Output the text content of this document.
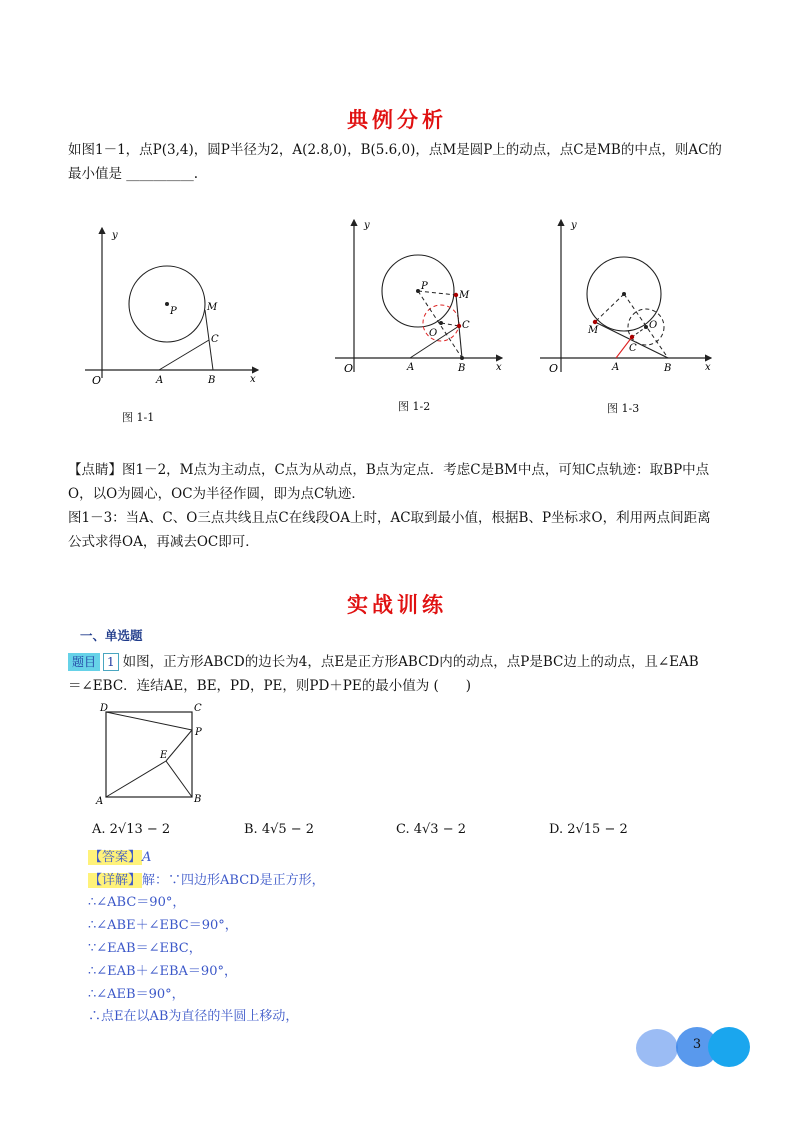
典例分析
如图1－1，点P(3,4)，圆P半径为2，A(2.8,0)，B(5.6,0)，点M是圆P上的动点，点C是MB的中点，则AC的
最小值是 __________.
y
x
O	A	B
P	M
C
图 1-1
y
x
O	A	B
P
M
C
O
图 1-2
y
x
O	A	B
M
C
O
图 1-3
【点睛】图1－2，M点为主动点，C点为从动点，B点为定点．考虑C是BM中点，可知C点轨迹：取BP中点
O，以O为圆心，OC为半径作圆，即为点C轨迹．
图1－3：当A、C、O三点共线且点C在线段OA上时，AC取到最小值，根据B、P坐标求O，利用两点间距离
公式求得OA，再减去OC即可．
实战训练
一、单选题
题目 1 如图，正方形ABCD的边长为4，点E是正方形ABCD内的动点，点P是BC边上的动点，且∠EAB
＝∠EBC．连结AE，BE，PD，PE，则PD＋PE的最小值为 (　　)
D	C
P
E
A	B
A. 2√13 − 2	B. 4√5 − 2	C. 4√3 − 2	D. 2√15 − 2
【答案】A
【详解】解：∵四边形ABCD是正方形，
∴∠ABC＝90°，
∴∠ABE＋∠EBC＝90°，
∵∠EAB＝∠EBC，
∴∠EAB＋∠EBA＝90°，
∴∠AEB＝90°，
∴点E在以AB为直径的半圆上移动，
3
